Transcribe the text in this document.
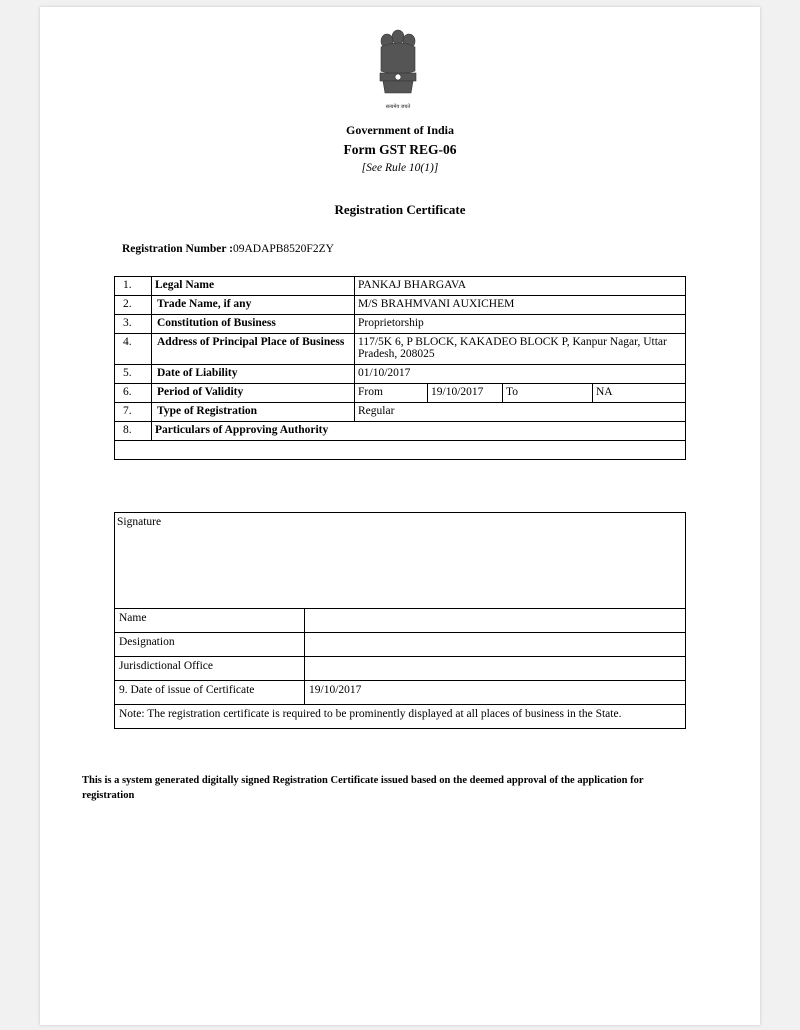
सत्यमेव जयते
Government of India
Form GST REG-06
[See Rule 10(1)]
Registration Certificate
Registration Number :09ADAPB8520F2ZY
1.	Legal Name	PANKAJ BHARGAVA			
2.	Trade Name, if any	M/S BRAHMVANI AUXICHEM			
3.	Constitution of Business	Proprietorship			
4.	Address of Principal Place of Business	117/5K 6, P BLOCK, KAKADEO BLOCK P, Kanpur Nagar, Uttar Pradesh, 208025			
5.	Date of Liability	01/10/2017			
6.	Period of Validity	From	19/10/2017	To	NA
7.	Type of Registration	Regular			
8.	Particulars of Approving Authority				

Signature	
Name	
Designation	
Jurisdictional Office	
9. Date of issue of Certificate	19/10/2017
Note: The registration certificate is required to be prominently displayed at all places of business in the State.	
This is a system generated digitally signed Registration Certificate issued based on the deemed approval of the application for registration
